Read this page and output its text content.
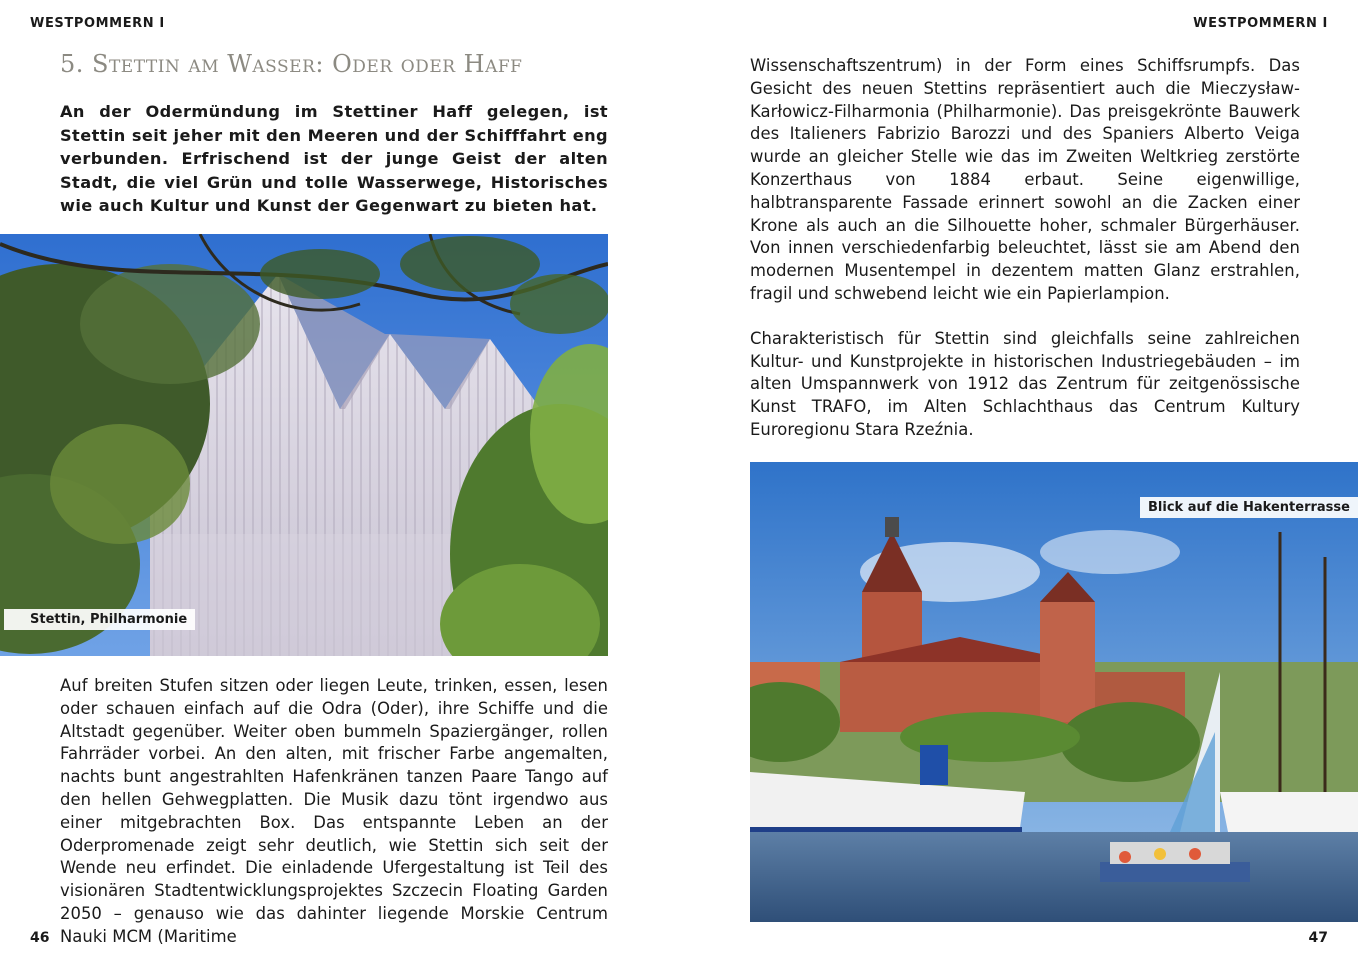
WESTPOMMERN I
5. Stettin am Wasser: Oder oder Haff
An der Odermündung im Stettiner Haff gelegen, ist Stettin seit jeher mit den Meeren und der Schifffahrt eng verbunden. Erfrischend ist der junge Geist der alten Stadt, die viel Grün und tolle Wasserwege, Historisches wie auch Kultur und Kunst der Gegenwart zu bieten hat.
Stettin, Philharmonie

Auf breiten Stufen sitzen oder liegen Leute, trinken, essen, lesen oder schauen einfach auf die Odra (Oder), ihre Schiffe und die Altstadt gegenüber. Weiter oben bummeln Spaziergänger, rollen Fahrräder vorbei. An den alten, mit frischer Farbe angemalten, nachts bunt angestrahlten Hafenkränen tanzen Paare Tango auf den hellen Gehwegplatten. Die Musik dazu tönt irgendwo aus einer mitgebrachten Box. Das entspannte Leben an der Oderpromenade zeigt sehr deutlich, wie Stettin sich seit der Wende neu erfindet. Die einladende Ufergestaltung ist Teil des visionären Stadtentwicklungsprojektes Szczecin Floating Garden 2050 – genauso wie das dahinter liegende Morskie Centrum Nauki MCM (Maritime

46
WESTPOMMERN I

Wissenschaftszentrum) in der Form eines Schiffsrumpfs. Das Gesicht des neuen Stettins repräsentiert auch die Mieczysław-Karłowicz-Filharmonia (Philharmonie). Das preisgekrönte Bauwerk des Italieners Fabrizio Barozzi und des Spaniers Alberto Veiga wurde an gleicher Stelle wie das im Zweiten Weltkrieg zerstörte Konzerthaus von 1884 erbaut. Seine eigenwillige, halbtransparente Fassade erinnert sowohl an die Zacken einer Krone als auch an die Silhouette hoher, schmaler Bürgerhäuser. Von innen verschiedenfarbig beleuchtet, lässt sie am Abend den modernen Musentempel in dezentem matten Glanz erstrahlen, fragil und schwebend leicht wie ein Papierlampion.

Charakteristisch für Stettin sind gleichfalls seine zahlreichen Kultur- und Kunstprojekte in historischen Industriegebäuden – im alten Umspannwerk von 1912 das Zentrum für zeitgenössische Kunst TRAFO, im Alten Schlachthaus das Centrum Kultury Euroregionu Stara Rzeźnia.

Blick auf die Hakenterrasse
47
